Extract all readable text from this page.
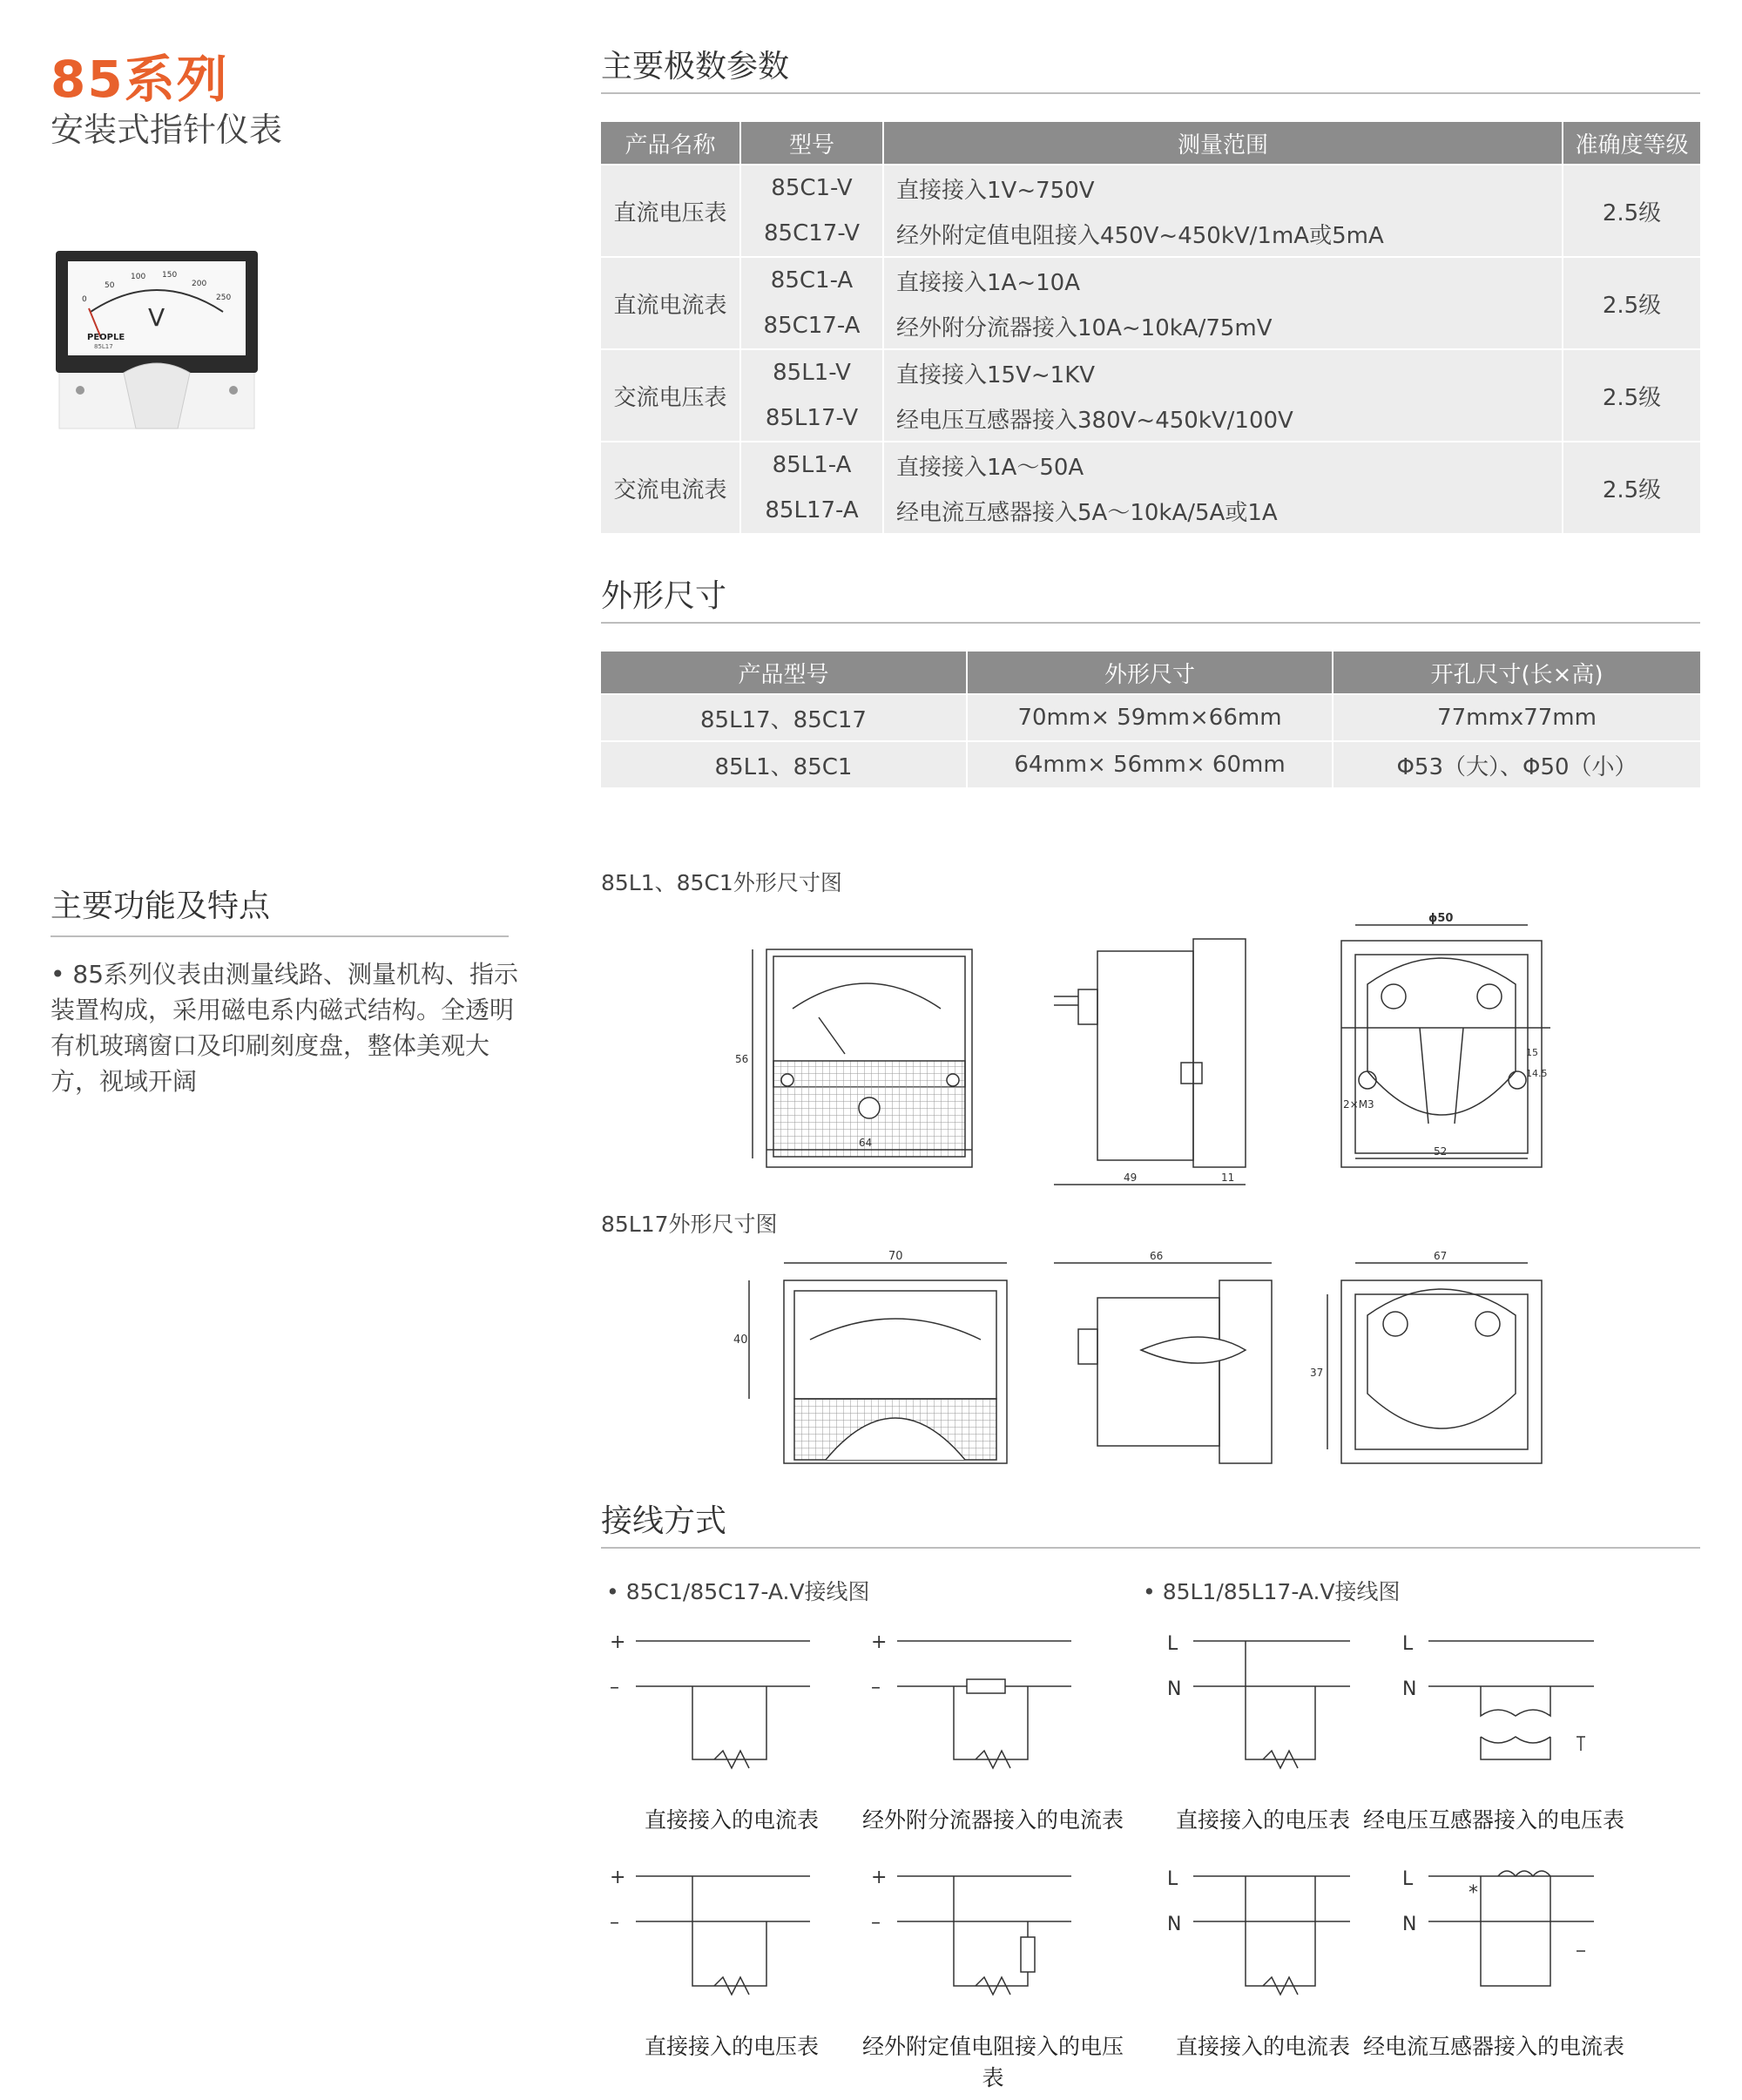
85系列
安装式指针仪表
0
50
100 150
200
250
V
PEOPLE
85L17
主要功能及特点
• 85系列仪表由测量线路、测量机构、指示装置构成，采用磁电系内磁式结构。全透明有机玻璃窗口及印刷刻度盘，整体美观大方，视域开阔
主要极数参数
产品名称	型号	测量范围	准确度等级
直流电压表	85C1-V	直接接入1V~750V	2.5级
	85C17-V	经外附定值电阻接入450V~450kV/1mA或5mA	
直流电流表	85C1-A	直接接入1A~10A	2.5级
	85C17-A	经外附分流器接入10A~10kA/75mV	
交流电压表	85L1-V	直接接入15V~1KV	2.5级
	85L17-V	经电压互感器接入380V~450kV/100V	
交流电流表	85L1-A	直接接入1A～50A	2.5级
	85L17-A	经电流互感器接入5A～10kA/5A或1A	
外形尺寸
产品型号	外形尺寸	开孔尺寸(长×高)
85L17、85C17	70mm× 59mm×66mm	77mmx77mm
85L1、85C1	64mm× 56mm× 60mm	Φ53（大）、Φ50（小）
85L1、85C1外形尺寸图
56
64
49	11
ϕ50
52
2×M3
15
14.5
85L17外形尺寸图
70
40
66	67
37
接线方式
• 85C1/85C17-A.V接线图	• 85L1/85L17-A.V接线图
+
–
+
–
L
N
L
N
+
–
+
–
L
N
L
N
*
直接接入的电流表	经外附分流器接入的电流表	直接接入的电压表 经电压互感器接入的电压表
直接接入的电压表	经外附定值电阻接入的电压表
直接接入的电流表 经电流互感器接入的电流表
